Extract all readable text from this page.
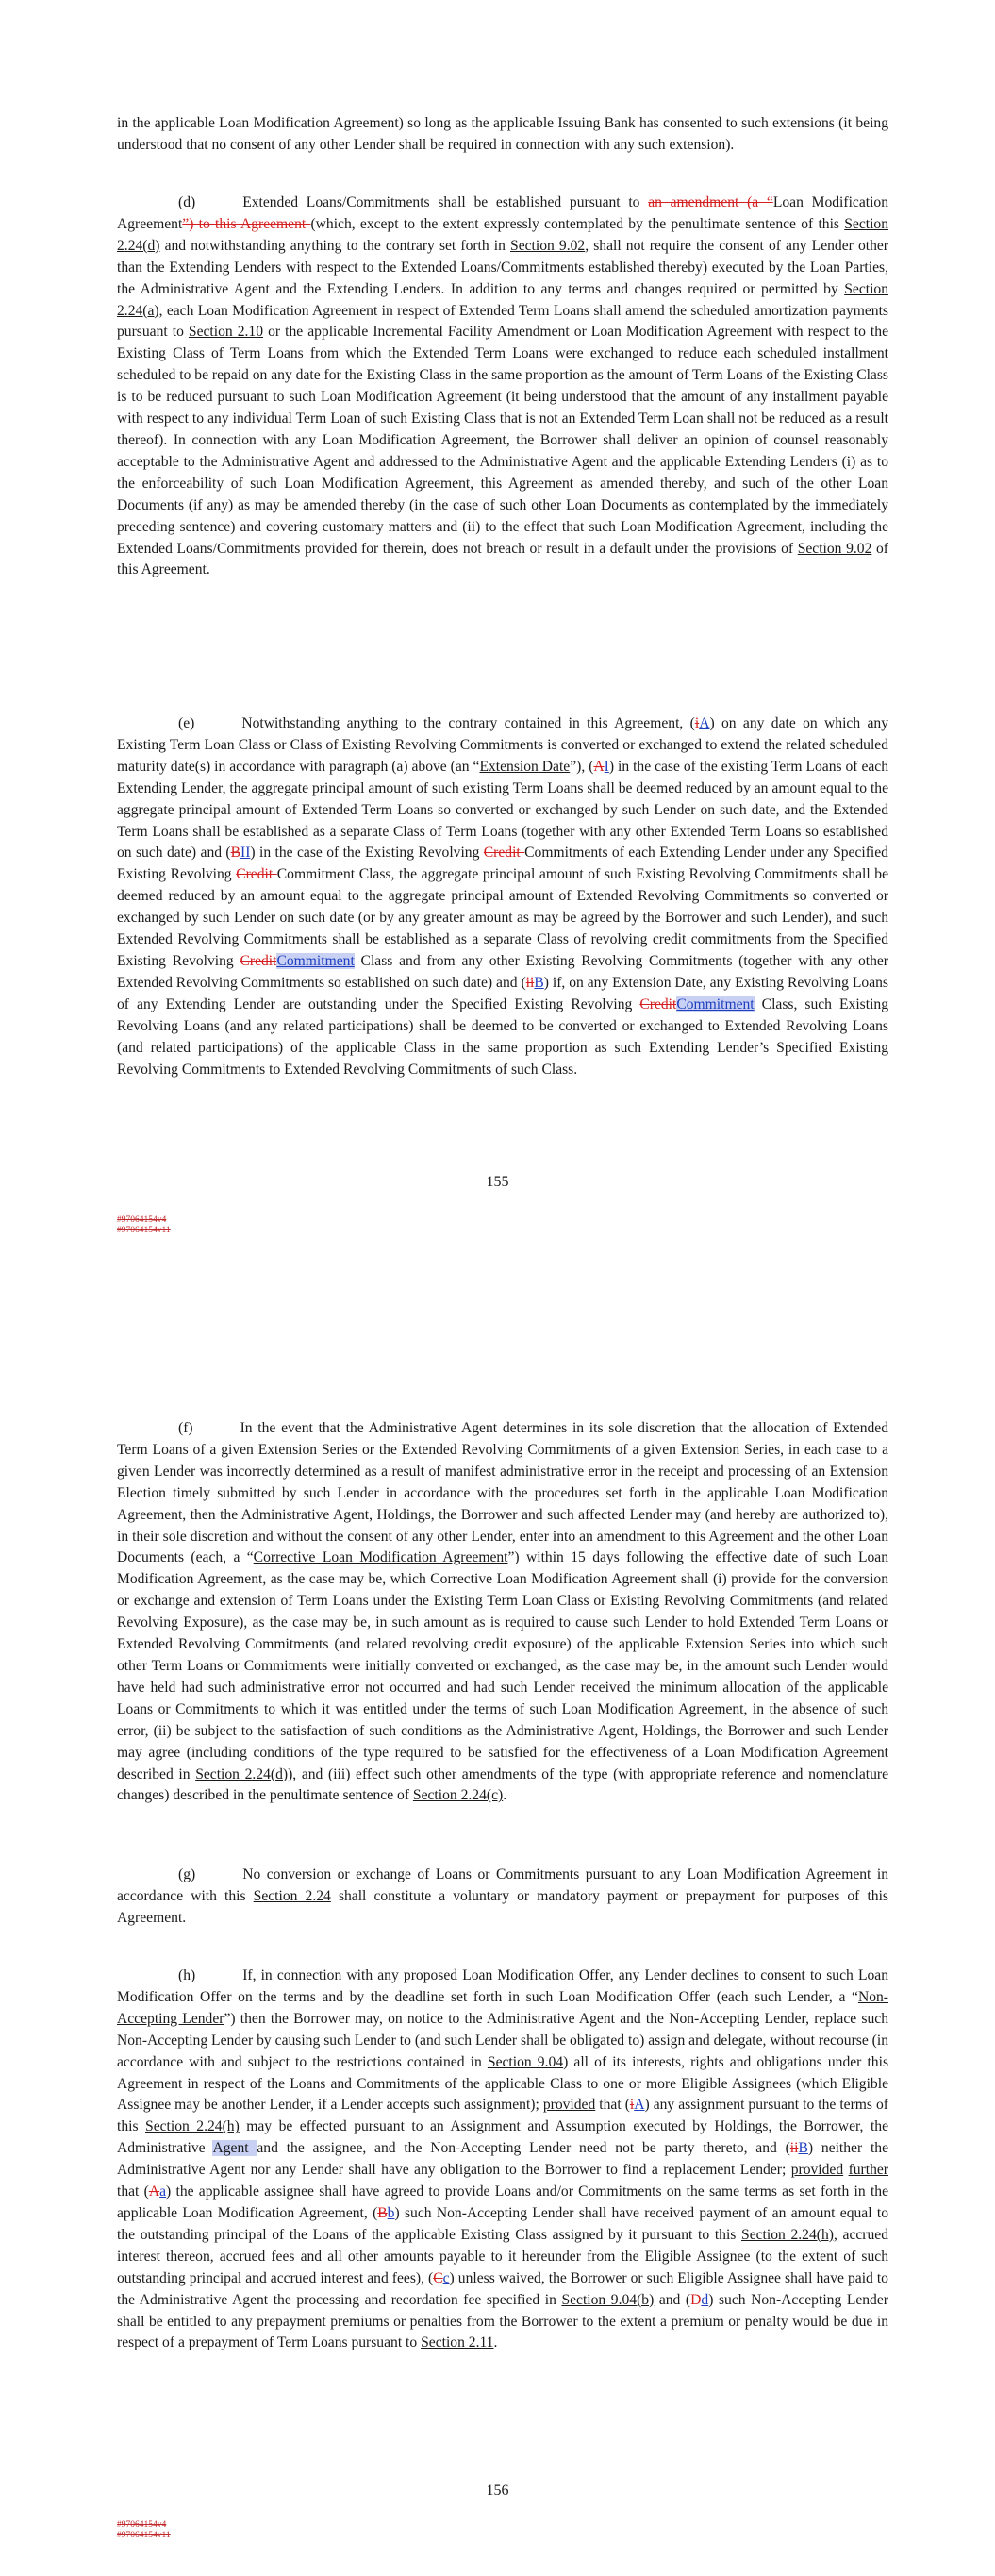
in the applicable Loan Modification Agreement) so long as the applicable Issuing Bank has consented to such extensions (it being understood that no consent of any other Lender shall be required in connection with any such extension).

(d)	Extended Loans/Commitments shall be established pursuant to an amendment (a “Loan Modification Agreement”) to this Agreement (which, except to the extent expressly contemplated by the penultimate sentence of this Section 2.24(d) and notwithstanding anything to the contrary set forth in Section 9.02, shall not require the consent of any Lender other than the Extending Lenders with respect to the Extended Loans/Commitments established thereby) executed by the Loan Parties, the Administrative Agent and the Extending Lenders. In addition to any terms and changes required or permitted by Section 2.24(a), each Loan Modification Agreement in respect of Extended Term Loans shall amend the scheduled amortization payments pursuant to Section 2.10 or the applicable Incremental Facility Amendment or Loan Modification Agreement with respect to the Existing Class of Term Loans from which the Extended Term Loans were exchanged to reduce each scheduled installment scheduled to be repaid on any date for the Existing Class in the same proportion as the amount of Term Loans of the Existing Class is to be reduced pursuant to such Loan Modification Agreement (it being understood that the amount of any installment payable with respect to any individual Term Loan of such Existing Class that is not an Extended Term Loan shall not be reduced as a result thereof). In connection with any Loan Modification Agreement, the Borrower shall deliver an opinion of counsel reasonably acceptable to the Administrative Agent and addressed to the Administrative Agent and the applicable Extending Lenders (i) as to the enforceability of such Loan Modification Agreement, this Agreement as amended thereby, and such of the other Loan Documents (if any) as may be amended thereby (in the case of such other Loan Documents as contemplated by the immediately preceding sentence) and covering customary matters and (ii) to the effect that such Loan Modification Agreement, including the Extended Loans/Commitments provided for therein, does not breach or result in a default under the provisions of Section 9.02 of this Agreement.

(e)	Notwithstanding anything to the contrary contained in this Agreement, (iA) on any date on which any Existing Term Loan Class or Class of Existing Revolving Commitments is converted or exchanged to extend the related scheduled maturity date(s) in accordance with paragraph (a) above (an “Extension Date”), (AI) in the case of the existing Term Loans of each Extending Lender, the aggregate principal amount of such existing Term Loans shall be deemed reduced by an amount equal to the aggregate principal amount of Extended Term Loans so converted or exchanged by such Lender on such date, and the Extended Term Loans shall be established as a separate Class of Term Loans (together with any other Extended Term Loans so established on such date) and (BII) in the case of the Existing Revolving Credit Commitments of each Extending Lender under any Specified Existing Revolving Credit Commitment Class, the aggregate principal amount of such Existing Revolving Commitments shall be deemed reduced by an amount equal to the aggregate principal amount of Extended Revolving Commitments so converted or exchanged by such Lender on such date (or by any greater amount as may be agreed by the Borrower and such Lender), and such Extended Revolving Commitments shall be established as a separate Class of revolving credit commitments from the Specified Existing Revolving CreditCommitment Class and from any other Existing Revolving Commitments (together with any other Extended Revolving Commitments so established on such date) and (iiB) if, on any Extension Date, any Existing Revolving Loans of any Extending Lender are outstanding under the Specified Existing Revolving CreditCommitment Class, such Existing Revolving Loans (and any related participations) shall be deemed to be converted or exchanged to Extended Revolving Loans (and related participations) of the applicable Class in the same proportion as such Extending Lender’s Specified Existing Revolving Commitments to Extended Revolving Commitments of such Class.

155

#97064154v4

#97064154v11

(f)	In the event that the Administrative Agent determines in its sole discretion that the allocation of Extended Term Loans of a given Extension Series or the Extended Revolving Commitments of a given Extension Series, in each case to a given Lender was incorrectly determined as a result of manifest administrative error in the receipt and processing of an Extension Election timely submitted by such Lender in accordance with the procedures set forth in the applicable Loan Modification Agreement, then the Administrative Agent, Holdings, the Borrower and such affected Lender may (and hereby are authorized to), in their sole discretion and without the consent of any other Lender, enter into an amendment to this Agreement and the other Loan Documents (each, a “Corrective Loan Modification Agreement”) within 15 days following the effective date of such Loan Modification Agreement, as the case may be, which Corrective Loan Modification Agreement shall (i) provide for the conversion or exchange and extension of Term Loans under the Existing Term Loan Class or Existing Revolving Commitments (and related Revolving Exposure), as the case may be, in such amount as is required to cause such Lender to hold Extended Term Loans or Extended Revolving Commitments (and related revolving credit exposure) of the applicable Extension Series into which such other Term Loans or Commitments were initially converted or exchanged, as the case may be, in the amount such Lender would have held had such administrative error not occurred and had such Lender received the minimum allocation of the applicable Loans or Commitments to which it was entitled under the terms of such Loan Modification Agreement, in the absence of such error, (ii) be subject to the satisfaction of such conditions as the Administrative Agent, Holdings, the Borrower and such Lender may agree (including conditions of the type required to be satisfied for the effectiveness of a Loan Modification Agreement described in Section 2.24(d)), and (iii) effect such other amendments of the type (with appropriate reference and nomenclature changes) described in the penultimate sentence of Section 2.24(c).

(g)	No conversion or exchange of Loans or Commitments pursuant to any Loan Modification Agreement in accordance with this Section 2.24 shall constitute a voluntary or mandatory payment or prepayment for purposes of this Agreement.

(h)	If, in connection with any proposed Loan Modification Offer, any Lender declines to consent to such Loan Modification Offer on the terms and by the deadline set forth in such Loan Modification Offer (each such Lender, a “Non-Accepting Lender”) then the Borrower may, on notice to the Administrative Agent and the Non-Accepting Lender, replace such Non-Accepting Lender by causing such Lender to (and such Lender shall be obligated to) assign and delegate, without recourse (in accordance with and subject to the restrictions contained in Section 9.04) all of its interests, rights and obligations under this Agreement in respect of the Loans and Commitments of the applicable Class to one or more Eligible Assignees (which Eligible Assignee may be another Lender, if a Lender accepts such assignment); provided that (iA) any assignment pursuant to the terms of this Section 2.24(h) may be effected pursuant to an Assignment and Assumption executed by Holdings, the Borrower, the Administrative Agent and the assignee, and the Non-Accepting Lender need not be party thereto, and (iiB) neither the Administrative Agent nor any Lender shall have any obligation to the Borrower to find a replacement Lender; provided further that (Aa) the applicable assignee shall have agreed to provide Loans and/or Commitments on the same terms as set forth in the applicable Loan Modification Agreement, (Bb) such Non-Accepting Lender shall have received payment of an amount equal to the outstanding principal of the Loans of the applicable Existing Class assigned by it pursuant to this Section 2.24(h), accrued interest thereon, accrued fees and all other amounts payable to it hereunder from the Eligible Assignee (to the extent of such outstanding principal and accrued interest and fees), (Cc) unless waived, the Borrower or such Eligible Assignee shall have paid to the Administrative Agent the processing and recordation fee specified in Section 9.04(b) and (Dd) such Non-Accepting Lender shall be entitled to any prepayment premiums or penalties from the Borrower to the extent a premium or penalty would be due in respect of a prepayment of Term Loans pursuant to Section 2.11.

156

#97064154v4

#97064154v11
